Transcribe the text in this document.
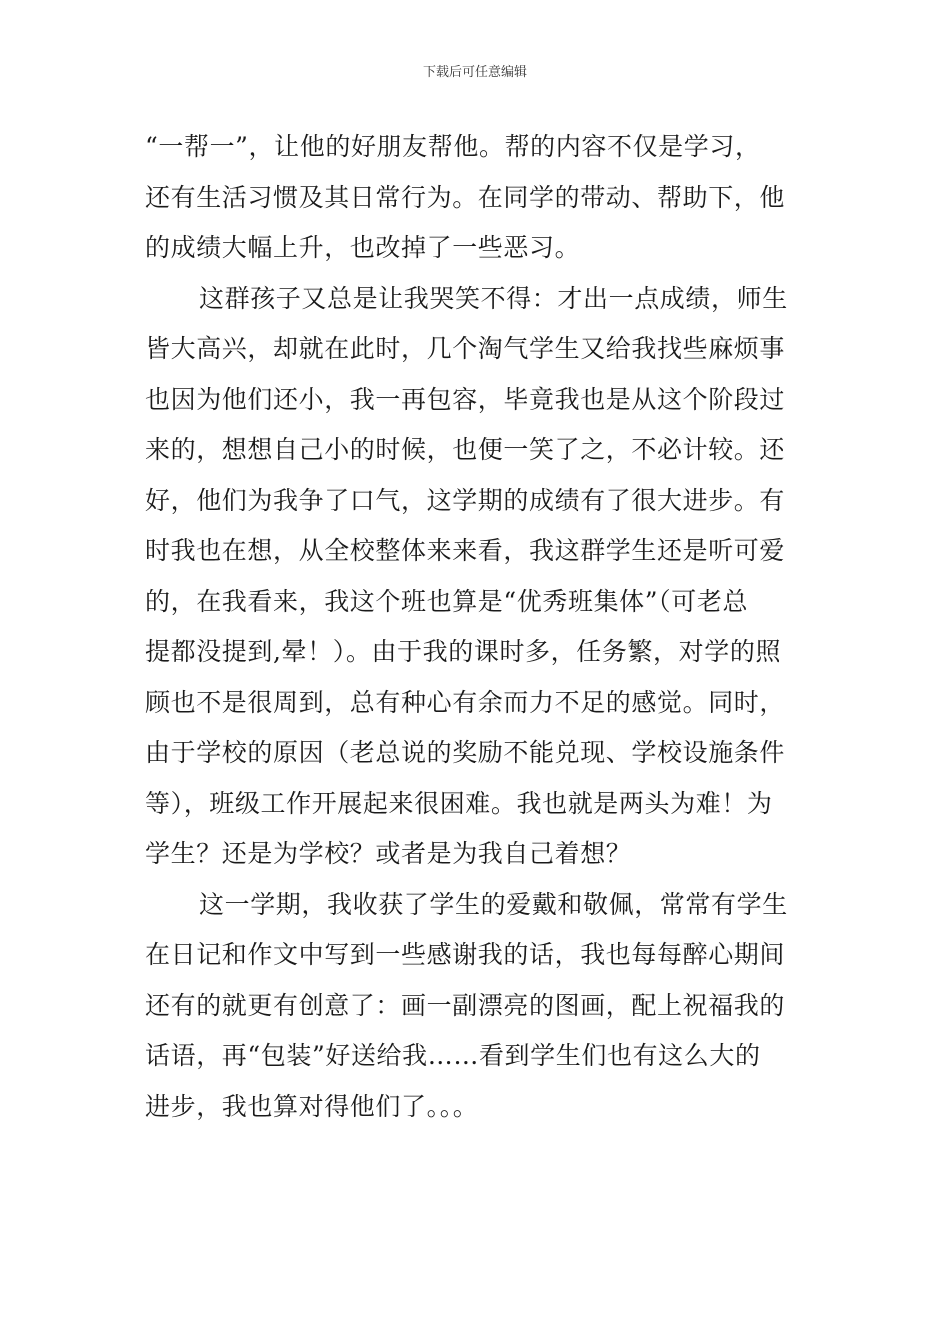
下载后可任意编辑
“一帮一”，让他的好朋友帮他。帮的内容不仅是学习，
还有生活习惯及其日常行为。在同学的带动、帮助下，他
的成绩大幅上升，也改掉了一些恶习。
这群孩子又总是让我哭笑不得：才出一点成绩，师生
皆大高兴，却就在此时，几个淘气学生又给我找些麻烦事
也因为他们还小，我一再包容，毕竟我也是从这个阶段过
来的，想想自己小的时候，也便一笑了之，不必计较。还
好，他们为我争了口气，这学期的成绩有了很大进步。有
时我也在想，从全校整体来来看，我这群学生还是听可爱
的，在我看来，我这个班也算是“优秀班集体”（可老总
提都没提到,晕！）。由于我的课时多，任务繁，对学的照
顾也不是很周到，总有种心有余而力不足的感觉。同时，
由于学校的原因（老总说的奖励不能兑现、学校设施条件
等），班级工作开展起来很困难。我也就是两头为难！为
学生？还是为学校？或者是为我自己着想？
这一学期，我收获了学生的爱戴和敬佩，常常有学生
在日记和作文中写到一些感谢我的话，我也每每醉心期间
还有的就更有创意了：画一副漂亮的图画，配上祝福我的
话语，再“包装”好送给我……看到学生们也有这么大的
进步，我也算对得他们了。。。
